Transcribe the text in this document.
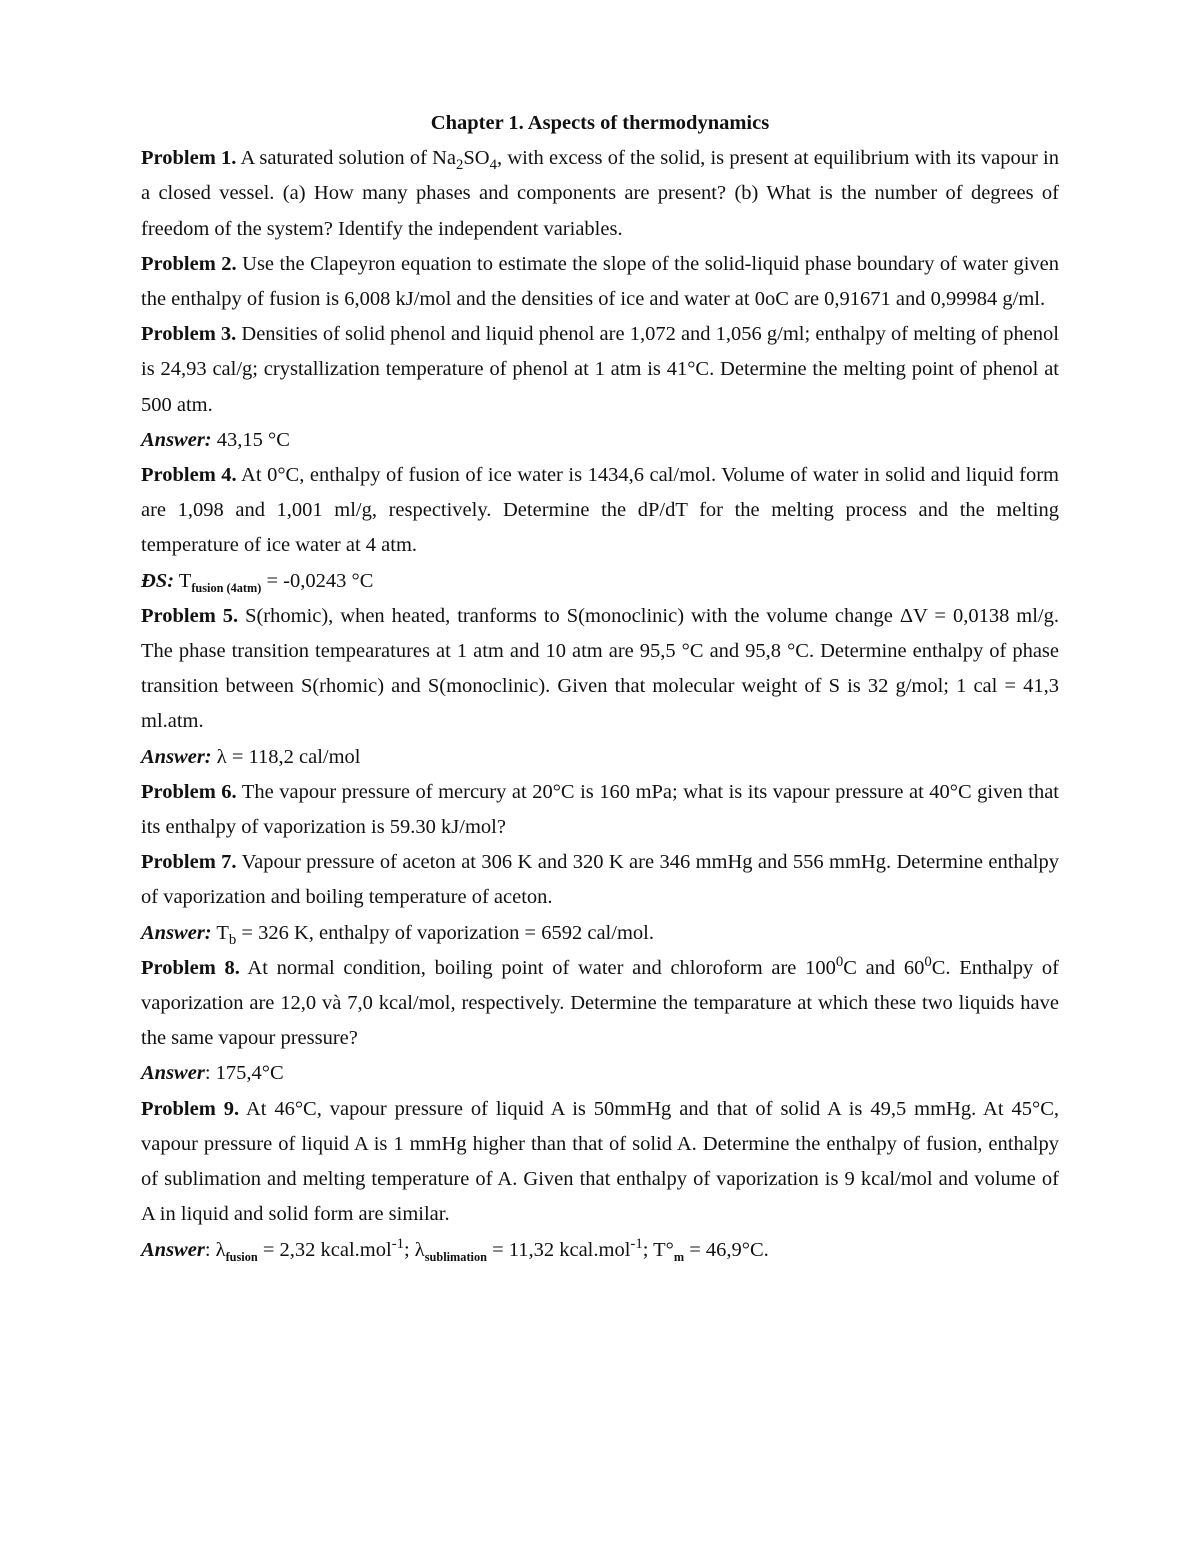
Chapter 1. Aspects of thermodynamics

Problem 1. A saturated solution of $Na_2SO_4$, with excess of the solid, is present at equilibrium with its vapour in a closed vessel. (a) How many phases and components are present? (b) What is the number of degrees of freedom of the system? Identify the independent variables.

Problem 2. Use the Clapeyron equation to estimate the slope of the solid-liquid phase boundary of water given the enthalpy of fusion is 6,008 kJ/mol and the densities of ice and water at 0oC are 0,91671 and 0,99984 g/ml.

Problem 3. Densities of solid phenol and liquid phenol are 1,072 and 1,056 g/ml; enthalpy of melting of phenol is 24,93 cal/g; crystallization temperature of phenol at 1 atm is 41°C. Determine the melting point of phenol at 500 atm.

Answer: 43,15 °C

Problem 4. At 0°C, enthalpy of fusion of ice water is 1434,6 cal/mol. Volume of water in solid and liquid form are 1,098 and 1,001 ml/g, respectively. Determine the dP/dT for the melting process and the melting temperature of ice water at 4 atm.

ĐS: $T_{fusion (4atm)} = -0,0243$ °C

Problem 5. S(rhomic), when heated, tranforms to S(monoclinic) with the volume change ΔV = 0,0138 ml/g. The phase transition tempearatures at 1 atm and 10 atm are 95,5 °C and 95,8 °C. Determine enthalpy of phase transition between S(rhomic) and S(monoclinic). Given that molecular weight of S is 32 g/mol; 1 cal = 41,3 ml.atm.

Answer: λ = 118,2 cal/mol

Problem 6. The vapour pressure of mercury at 20°C is 160 mPa; what is its vapour pressure at 40°C given that its enthalpy of vaporization is 59.30 kJ/mol?

Problem 7. Vapour pressure of aceton at 306 K and 320 K are 346 mmHg and 556 mmHg. Determine enthalpy of vaporization and boiling temperature of aceton.

Answer: $T_b = 326$ K, enthalpy of vaporization = 6592 cal/mol.

Problem 8. At normal condition, boiling point of water and chloroform are $100^0C$ and $60^0C$. Enthalpy of vaporization are 12,0 và 7,0 kcal/mol, respectively. Determine the temparature at which these two liquids have the same vapour pressure?

Answer: 175,4°C

Problem 9. At 46°C, vapour pressure of liquid A is 50mmHg and that of solid A is 49,5 mmHg. At 45°C, vapour pressure of liquid A is 1 mmHg higher than that of solid A. Determine the enthalpy of fusion, enthalpy of sublimation and melting temperature of A. Given that enthalpy of vaporization is 9 kcal/mol and volume of A in liquid and solid form are similar.

Answer: $\lambda_{fusion} = 2,32$ kcal.mol$^{-1}$; $\lambda_{sublimation} = 11,32$ kcal.mol$^{-1}$; $T^\circ_m = 46,9^\circ C$.
